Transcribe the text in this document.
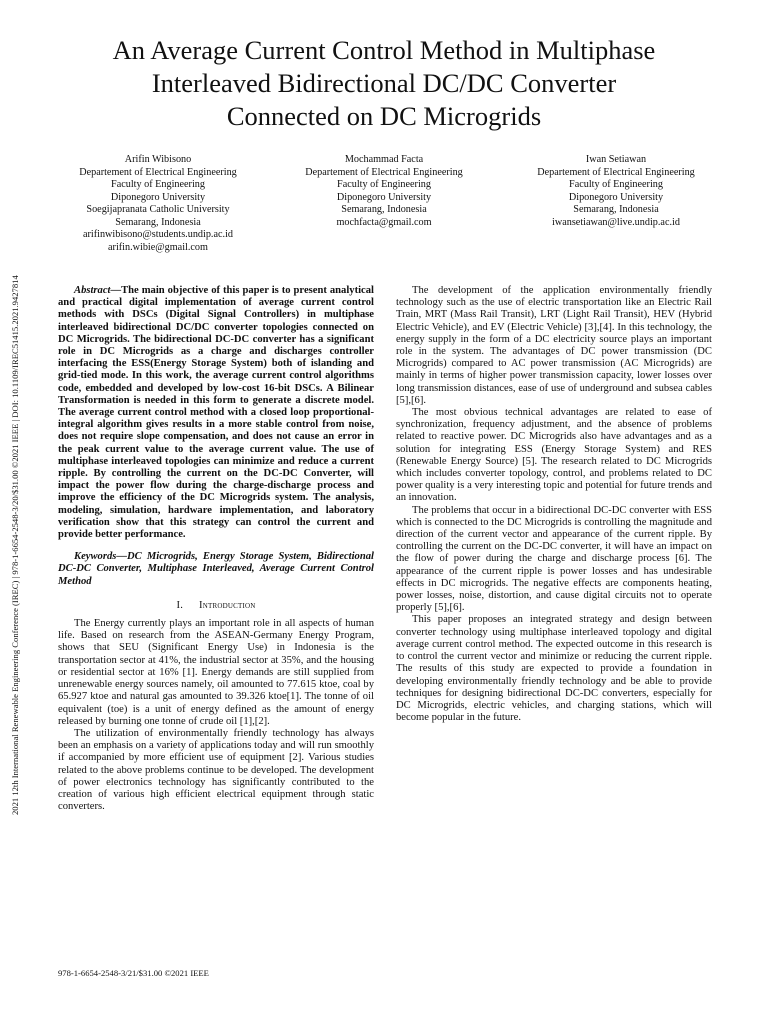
2021 12th International Renewable Engineering Conference (IREC) | 978-1-6654-2548-3/20/$31.00 ©2021 IEEE | DOI: 10.1109/IREC51415.2021.9427814
An Average Current Control Method in Multiphase
Interleaved Bidirectional DC/DC Converter
Connected on DC Microgrids
Arifin Wibisono
Departement of Electrical Engineering
Faculty of Engineering
Diponegoro University
Soegijapranata Catholic University
Semarang, Indonesia
arifinwibisono@students.undip.ac.id
arifin.wibie@gmail.com
Mochammad Facta
Departement of Electrical Engineering
Faculty of Engineering
Diponegoro University
Semarang, Indonesia
mochfacta@gmail.com
Iwan Setiawan
Departement of Electrical Engineering
Faculty of Engineering
Diponegoro University
Semarang, Indonesia
iwansetiawan@live.undip.ac.id

Abstract—The main objective of this paper is to present analytical and practical digital implementation of average current control methods with DSCs (Digital Signal Controllers) in multiphase interleaved bidirectional DC/DC converter topologies connected on DC Microgrids. The bidirectional DC-DC converter has a significant role in DC Microgrids as a charge and discharges controller interfacing the ESS(Energy Storage System) both of islanding and grid-tied mode. In this work, the average current control algorithms code, embedded and developed by low-cost 16-bit DSCs. A Bilinear Transformation is needed in this form to generate a discrete model. The average current control method with a closed loop proportional-integral algorithm gives results in a more stable control from noise, does not require slope compensation, and does not cause an error in the peak current value to the average current value. The use of multiphase interleaved topologies can minimize and reduce a current ripple. By controlling the current on the DC-DC Converter, will impact the power flow during the charge-discharge process and improve the efficiency of the DC Microgrids system. The analysis, modeling, simulation, hardware implementation, and laboratory verification show that this strategy can control the current and provide better performance.

Keywords—DC Microgrids, Energy Storage System, Bidirectional DC-DC Converter, Multiphase Interleaved, Average Current Control Method

I. Introduction

The Energy currently plays an important role in all aspects of human life. Based on research from the ASEAN-Germany Energy Program, shows that SEU (Significant Energy Use) in Indonesia is the transportation sector at 41%, the industrial sector at 35%, and the housing or residential sector at 16% [1]. Energy demands are still supplied from unrenewable energy sources namely, oil amounted to 77.615 ktoe, coal by 65.927 ktoe and natural gas amounted to 39.326 ktoe[1]. The tonne of oil equivalent (toe) is a unit of energy defined as the amount of energy released by burning one tonne of crude oil [1],[2].

The utilization of environmentally friendly technology has always been an emphasis on a variety of applications today and will run smoothly if accompanied by more efficient use of equipment [2]. Various studies related to the above problems continue to be developed. The development of power electronics technology has significantly contributed to the creation of various high efficient electrical equipment through static converters.

The development of the application environmentally friendly technology such as the use of electric transportation like an Electric Rail Train, MRT (Mass Rail Transit), LRT (Light Rail Transit), HEV (Hybrid Electric Vehicle), and EV (Electric Vehicle) [3],[4]. In this technology, the energy supply in the form of a DC electricity source plays an important role in the system. The advantages of DC power transmission (DC Microgrids) compared to AC power transmission (AC Microgrids) are mainly in terms of higher power transmission capacity, lower losses over long transmission distances, ease of use of underground and subsea cables [5],[6].

The most obvious technical advantages are related to ease of synchronization, frequency adjustment, and the absence of problems related to reactive power. DC Microgrids also have advantages and as a solution for integrating ESS (Energy Storage System) and RES (Renewable Energy Source) [5]. The research related to DC Microgrids which includes converter topology, control, and problems related to DC power quality is a very interesting topic and potential for future trends and an innovation.

The problems that occur in a bidirectional DC-DC converter with ESS which is connected to the DC Microgrids is controlling the magnitude and direction of the current vector and appearance of the current ripple. By controlling the current on the DC-DC converter, it will have an impact on the flow of power during the charge and discharge process [6]. The appearance of the current ripple is power losses and has undesirable effects in DC microgrids. The negative effects are components heating, power losses, noise, distortion, and cause digital circuits not to operate properly [5],[6].

This paper proposes an integrated strategy and design between converter technology using multiphase interleaved topology and digital average current control method. The expected outcome in this research is to control the current vector and minimize or reducing the current ripple. The results of this study are expected to provide a foundation in developing environmentally friendly technology and be able to provide techniques for designing bidirectional DC-DC converters, especially for DC Microgrids, electric vehicles, and charging stations, which will become popular in the future.

978-1-6654-2548-3/21/$31.00 ©2021 IEEE
